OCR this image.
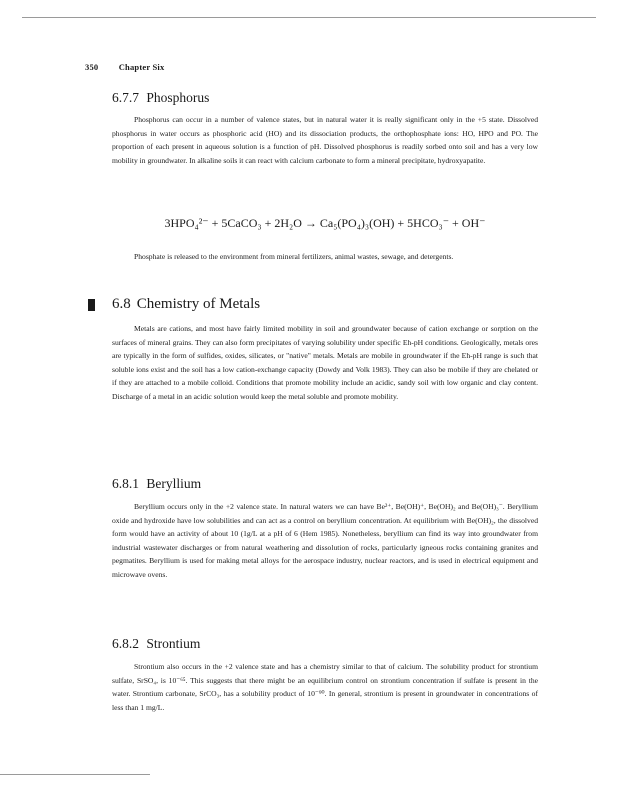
350 Chapter Six
6.7.7 Phosphorus

Phosphorus can occur in a number of valence states, but in natural water it is really significant only in the +5 state. Dissolved phosphorus in water occurs as phosphoric acid (HO) and its dissociation products, the orthophosphate ions: HO, HPO and PO. The proportion of each present in aqueous solution is a function of pH. Dissolved phosphorus is readily sorbed onto soil and has a very low mobility in groundwater. In alkaline soils it can react with calcium carbonate to form a mineral precipitate, hydroxyapatite.

3HPO₄²⁻ + 5CaCO₃ + 2H₂O → Ca₅(PO₄)₃(OH) + 5HCO₃⁻ + OH⁻

Phosphate is released to the environment from mineral fertilizers, animal wastes, sewage, and detergents.

6.8 Chemistry of Metals

Metals are cations, and most have fairly limited mobility in soil and groundwater because of cation exchange or sorption on the surfaces of mineral grains. They can also form precipitates of varying solubility under specific Eh-pH conditions. Geologically, metals ores are typically in the form of sulfides, oxides, silicates, or "native" metals. Metals are mobile in groundwater if the Eh-pH range is such that soluble ions exist and the soil has a low cation-exchange capacity (Dowdy and Volk 1983). They can also be mobile if they are chelated or if they are attached to a mobile colloid. Conditions that promote mobility include an acidic, sandy soil with low organic and clay content. Discharge of a metal in an acidic solution would keep the metal soluble and promote mobility.

6.8.1 Beryllium

Beryllium occurs only in the +2 valence state. In natural waters we can have Be²⁺, Be(OH)⁺, Be(OH)₂ and Be(OH)₃⁻. Beryllium oxide and hydroxide have low solubilities and can act as a control on beryllium concentration. At equilibrium with Be(OH)₂, the dissolved form would have an activity of about 10 (1g/L at a pH of 6 (Hem 1985). Nonetheless, beryllium can find its way into groundwater from industrial wastewater discharges or from natural weathering and dissolution of rocks, particularly igneous rocks containing granites and pegmatites. Beryllium is used for making metal alloys for the aerospace industry, nuclear reactors, and is used in electrical equipment and microwave ovens.

6.8.2 Strontium

Strontium also occurs in the +2 valence state and has a chemistry similar to that of calcium. The solubility product for strontium sulfate, SrSO₄, is 10⁻⁶⁵. This suggests that there might be an equilibrium control on strontium concentration if sulfate is present in the water. Strontium carbonate, SrCO₃, has a solubility product of 10⁻⁹⁰. In general, strontium is present in groundwater in concentrations of less than 1 mg/L.
